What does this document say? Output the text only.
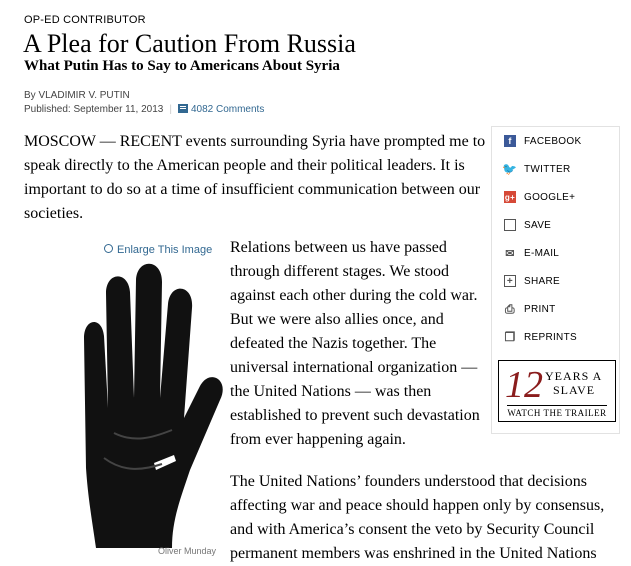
OP-ED CONTRIBUTOR
A Plea for Caution From Russia
What Putin Has to Say to Americans About Syria
By VLADIMIR V. PUTIN
Published: September 11, 2013 | 4082 Comments

MOSCOW — RECENT events surrounding Syria have prompted me to speak directly to the American people and their political leaders. It is important to do so at a time of insufficient communication between our societies.

Enlarge This Image
Oliver Munday

Relations between us have passed through different stages. We stood against each other during the cold war. But we were also allies once, and defeated the Nazis together. The universal international organization — the United Nations — was then established to prevent such devastation from ever happening again.

The United Nations’ founders understood that decisions affecting war and peace should happen only by consensus, and with America’s consent the veto by Security Council permanent members was enshrined in the United Nations

f	FACEBOOK
🐦 TWITTER
g+ GOOGLE+
SAVE
✉ E-MAIL
+ SHARE
⎙ PRINT
❐ REPRINTS
12 YEARS A
SLAVE
WATCH THE TRAILER
